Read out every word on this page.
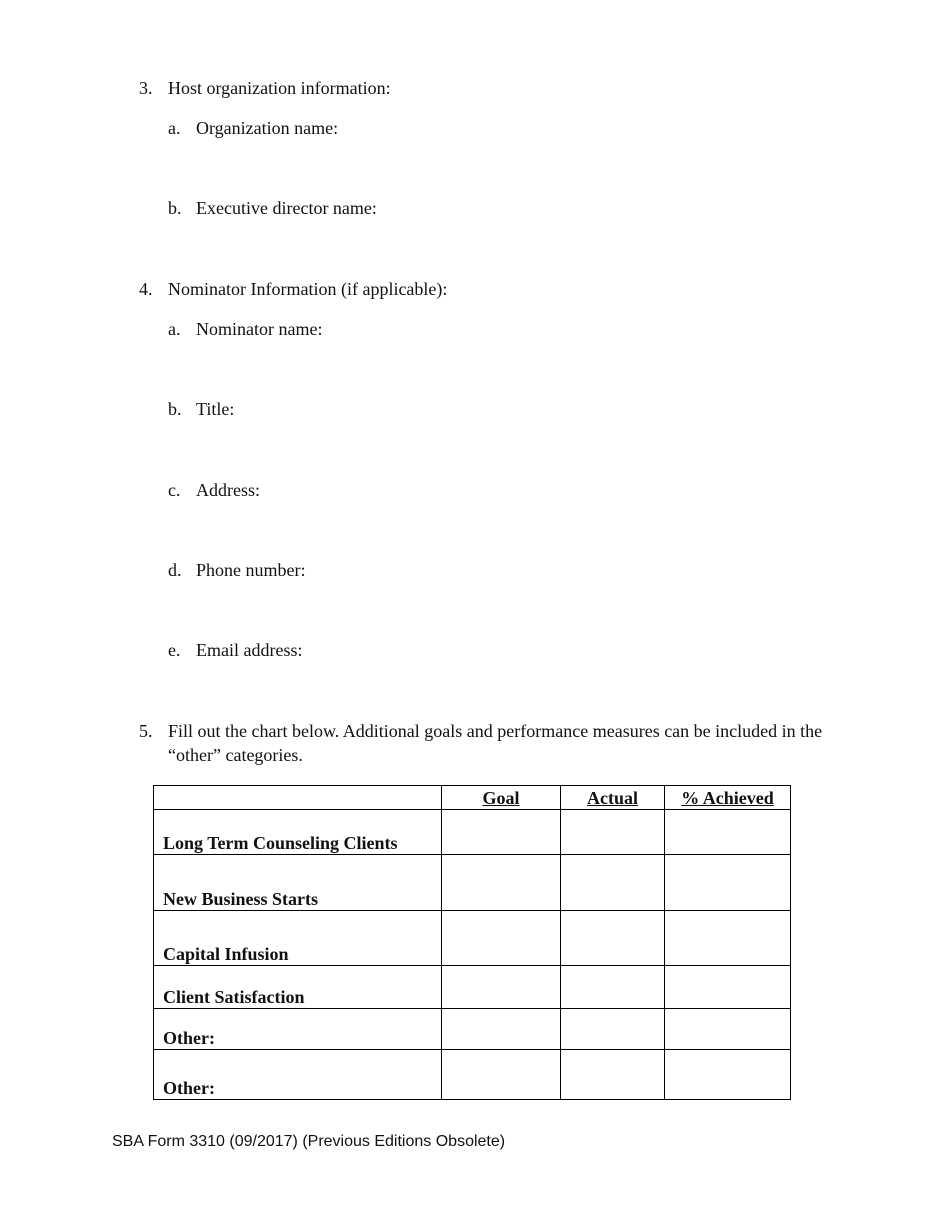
3. Host organization information:
a. Organization name:
b. Executive director name:
4. Nominator Information (if applicable):
a. Nominator name:
b. Title:
c. Address:
d. Phone number:
e. Email address:
5. Fill out the chart below. Additional goals and performance measures can be included in the “other” categories.
	Goal	Actual	% Achieved
Long Term Counseling Clients			
New Business Starts			
Capital Infusion			
Client Satisfaction			
Other:			
Other:			
SBA Form 3310 (09/2017) (Previous Editions Obsolete)
